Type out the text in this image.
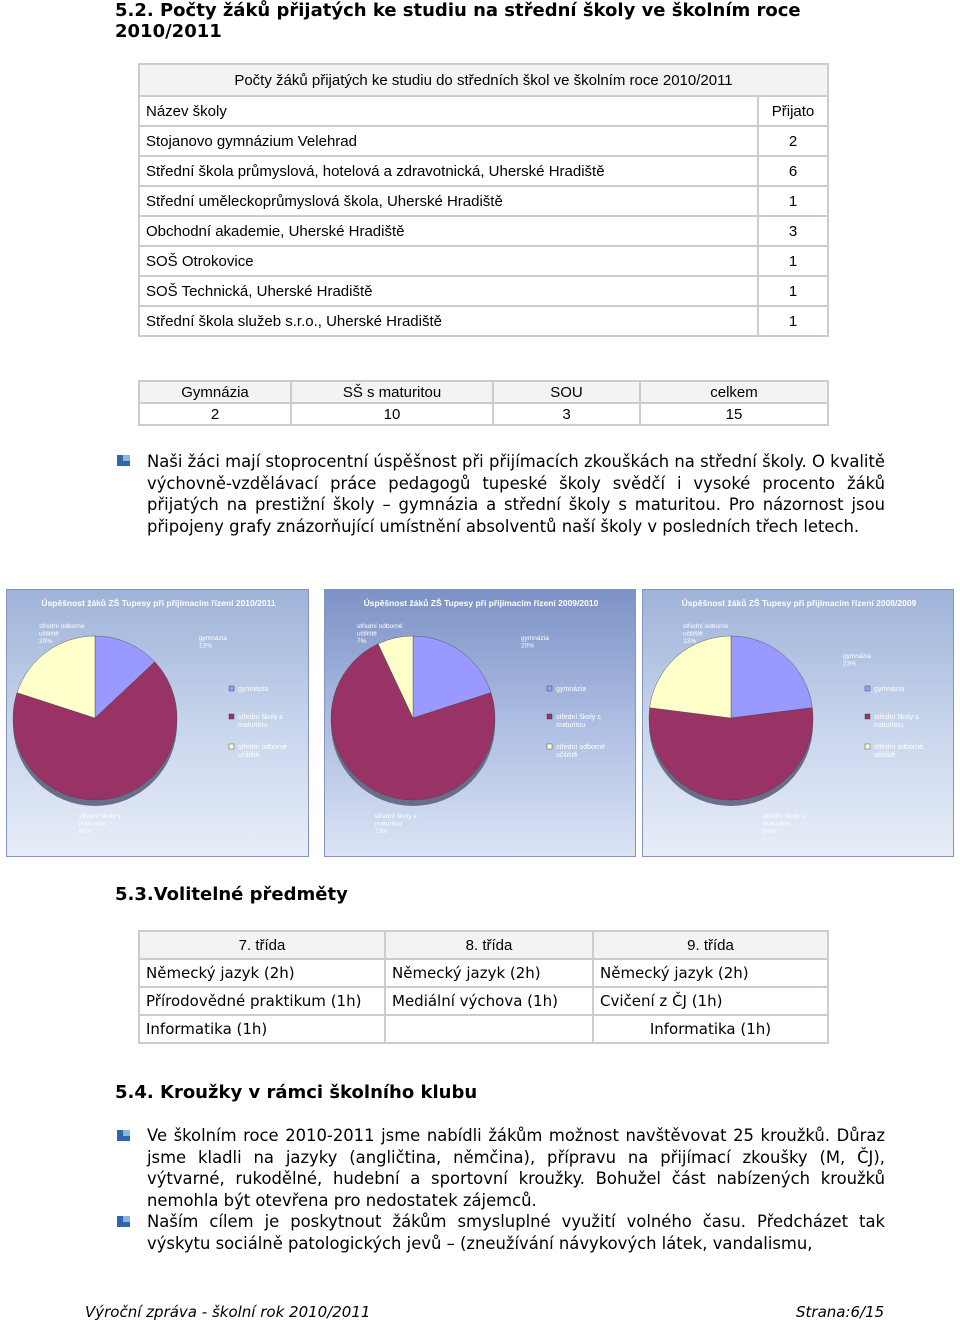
5.2. Počty žáků přijatých ke studiu na střední školy ve školním roce 2010/2011
Počty žáků přijatých ke studiu do středních škol ve školním roce 2010/2011	
Název školy	Přijato
Stojanovo gymnázium Velehrad	2
Střední škola průmyslová, hotelová a zdravotnická, Uherské Hradiště	6
Střední uměleckoprůmyslová škola, Uherské Hradiště	1
Obchodní akademie, Uherské Hradiště	3
SOŠ Otrokovice	1
SOŠ Technická, Uherské Hradiště	1
Střední škola služeb s.r.o., Uherské Hradiště	1
Gymnázia	SŠ s maturitou	SOU	celkem
2	10	3	15
Naši žáci mají stoprocentní úspěšnost při přijímacích zkouškách na střední školy. O kvalitě výchovně-vzdělávací práce pedagogů tupeské školy svědčí i vysoké procento žáků přijatých na prestižní školy – gymnázia a střední školy s maturitou. Pro názornost jsou připojeny grafy znázorňující umístnění absolventů naší školy v posledních třech letech.
Úspěšnost žáků ZŠ Tupesy při přijímacím řízení 2010/2011
gymnázia 13%
střední školy s maturitou 67%
střední odborné učiliště 20%
gymnázia
střední školy s maturitou
střední odborné učiliště
Úspěšnost žáků ZŠ Tupesy při přijímacím řízení 2009/2010
gymnázia 20%
střední školy s maturitou 73%
střední odborné učiliště 7%
gymnázia
střední školy s maturitou
střední odborné učiliště
Úspěšnost žáků ZŠ Tupesy při přijímacím řízení 2008/2009
gymnázia 23%
střední školy s maturitou 54%
střední odborné učiliště 23%
gymnázia
střední školy s maturitou
střední odborné učiliště
5.3.Volitelné předměty
7. třída	8. třída	9. třída
Německý jazyk (2h)	Německý jazyk (2h)	Německý jazyk (2h)
Přírodovědné praktikum (1h)	Mediální výchova (1h)	Cvičení z ČJ (1h)
Informatika (1h)		Informatika (1h)
5.4. Kroužky v rámci školního klubu
Ve školním roce 2010-2011 jsme nabídli žákům možnost navštěvovat 25 kroužků. Důraz jsme kladli na jazyky (angličtina, němčina), přípravu na přijímací zkoušky (M, ČJ), výtvarné, rukodělné, hudební a sportovní kroužky. Bohužel část nabízených kroužků nemohla být otevřena pro nedostatek zájemců.
Naším cílem je poskytnout žákům smysluplné využití volného času. Předcházet tak výskytu sociálně patologických jevů – (zneužívání návykových látek, vandalismu,
Výroční zpráva - školní rok 2010/2011	Strana:6/15
